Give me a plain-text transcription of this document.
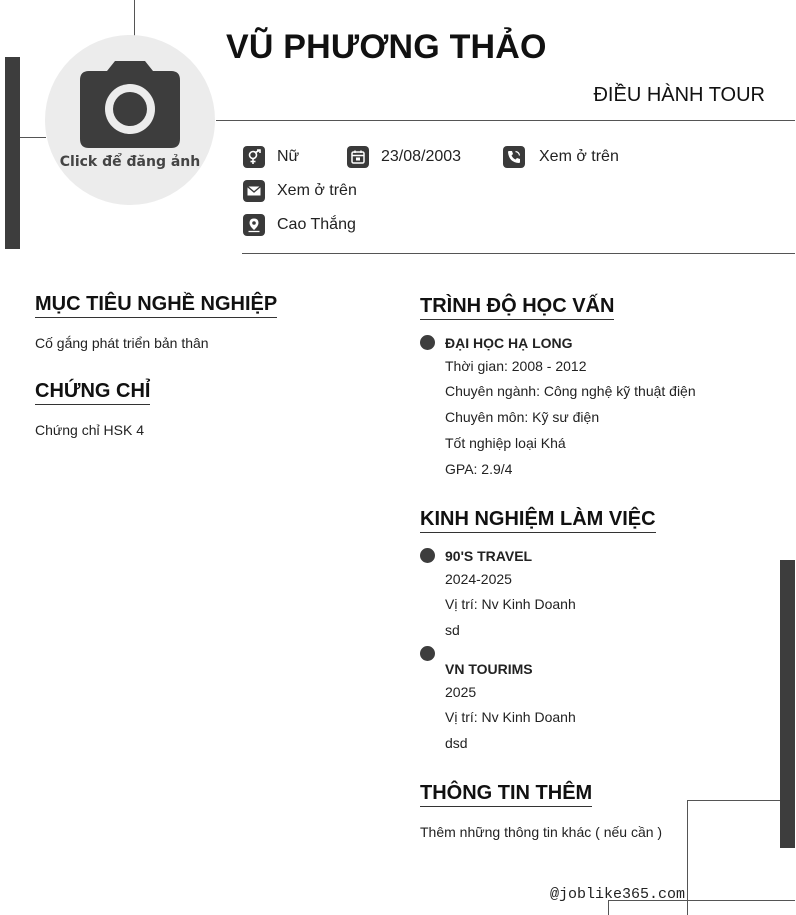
Click để đăng ảnh
VŨ PHƯƠNG THẢO
ĐIỀU HÀNH TOUR
Nữ	23/08/2003	Xem ở trên
Xem ở trên
Cao Thắng
MỤC TIÊU NGHỀ NGHIỆP
Cố gắng phát triển bản thân
CHỨNG CHỈ
Chứng chỉ HSK 4
TRÌNH ĐỘ HỌC VẤN
ĐẠI HỌC HẠ LONG
Thời gian: 2008 - 2012
Chuyên ngành: Công nghệ kỹ thuật điện
Chuyên môn: Kỹ sư điện
Tốt nghiệp loại Khá
GPA: 2.9/4
KINH NGHIỆM LÀM VIỆC
90'S TRAVEL
2024-2025
Vị trí: Nv Kinh Doanh
sd
VN TOURIMS
2025
Vị trí: Nv Kinh Doanh
dsd
THÔNG TIN THÊM
Thêm những thông tin khác ( nếu cần )
@joblike365.com
